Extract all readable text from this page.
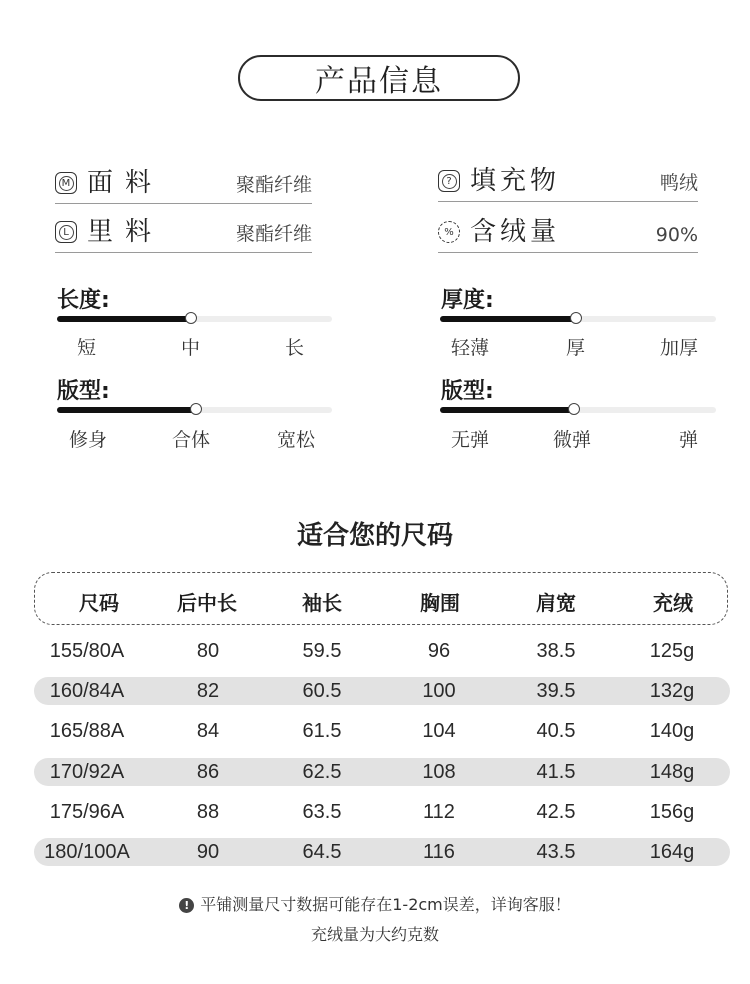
产品信息
M 面料	聚酯纤维
L 里料	聚酯纤维
? 填充物	鸭绒
% 含绒量	90%
长度:
短	中	长
厚度:
轻薄	厚	加厚
版型:
修身	合体	宽松
版型:
无弹	微弹	弹
适合您的尺码
尺码	后中长	袖长	胸围	肩宽	充绒
155/80A	80	59.5	96	38.5	125g
160/84A	82	60.5	100	39.5	132g
165/88A	84	61.5	104	40.5	140g
170/92A	86	62.5	108	41.5	148g
175/96A	88	63.5	112	42.5	156g
180/100A	90	64.5	116	43.5	164g
! 平铺测量尺寸数据可能存在1-2cm误差，详询客服！
充绒量为大约克数
